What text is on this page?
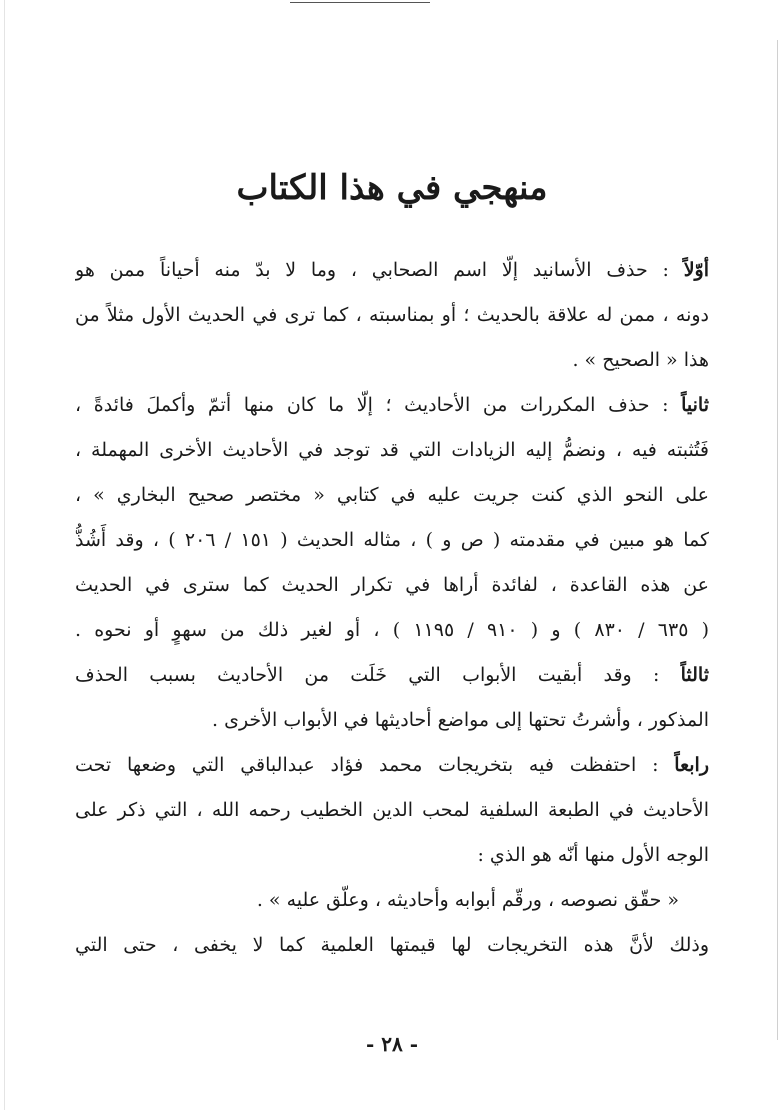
منهجي في هذا الكتاب
أوّلاً : حذف الأسانيد إلّا اسم الصحابي ، وما لا بدّ منه أحياناً ممن هو
دونه ، ممن له علاقة بالحديث ؛ أو بمناسبته ، كما ترى في الحديث الأول مثلاً من
هذا « الصحيح » .
ثانياً : حذف المكررات من الأحاديث ؛ إلّا ما كان منها أتمّ وأكملَ فائدةً ،
فَتُثبته فيه ، ونضمُّ إليه الزيادات التي قد توجد في الأحاديث الأخرى المهملة ،
على النحو الذي كنت جريت عليه في كتابي « مختصر صحيح البخاري » ،
كما هو مبين في مقدمته ( ص و ) ، مثاله الحديث ( ١٥١ / ٢٠٦ ) ، وقد أَشُذُّ
عن هذه القاعدة ، لفائدة أراها في تكرار الحديث كما سترى في الحديث
( ٦٣٥ / ٨٣٠ ) و ( ٩١٠ / ١١٩٥ ) ، أو لغير ذلك من سهوٍ أو نحوه .
ثالثاً : وقد أبقيت الأبواب التي خَلَت من الأحاديث بسبب الحذف
المذكور ، وأشرتُ تحتها إلى مواضع أحاديثها في الأبواب الأخرى .
رابعاً : احتفظت فيه بتخريجات محمد فؤاد عبدالباقي التي وضعها تحت
الأحاديث في الطبعة السلفية لمحب الدين الخطيب رحمه الله ، التي ذكر على
الوجه الأول منها أنّه هو الذي :
« حقّق نصوصه ، ورقّم أبوابه وأحاديثه ، وعلّق عليه » .
وذلك لأنَّ هذه التخريجات لها قيمتها العلمية كما لا يخفى ، حتى التي
- ٢٨ -
